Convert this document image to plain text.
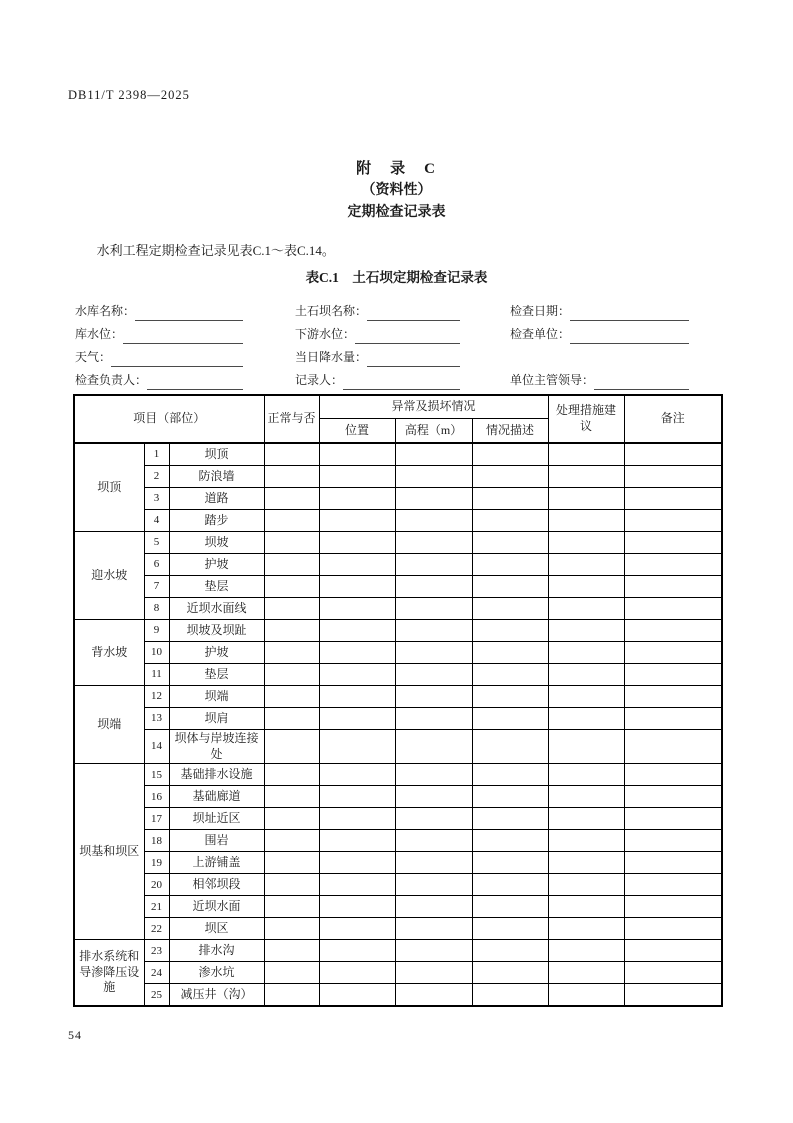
DB11/T 2398—2025
附　录　C
（资料性）
定期检查记录表

水利工程定期检查记录见表C.1～表C.14。

表C.1　土石坝定期检查记录表
水库名称：	土石坝名称：	检查日期：
库水位：	下游水位：	检查单位：
天气：	当日降水量：
检查负责人：	记录人：	单位主管领导：
项目（部位）			正常与否	异常及损坏情况			处理措施建议	备注
				位置	高程（m）	情况描述		
坝顶	1	坝顶						
	2	防浪墙						
	3	道路						
	4	踏步						
迎水坡	5	坝坡						
	6	护坡						
	7	垫层						
	8	近坝水面线						
背水坡	9	坝坡及坝趾						
	10	护坡						
	11	垫层						
坝端	12	坝端						
	13	坝肩						
	14	坝体与岸坡连接处						
坝基和坝区	15	基础排水设施						
	16	基础廊道						
	17	坝址近区						
	18	围岩						
	19	上游铺盖						
	20	相邻坝段						
	21	近坝水面						
	22	坝区						
排水系统和导渗降压设施	23	排水沟						
	24	渗水坑						
	25	减压井（沟）						
54
